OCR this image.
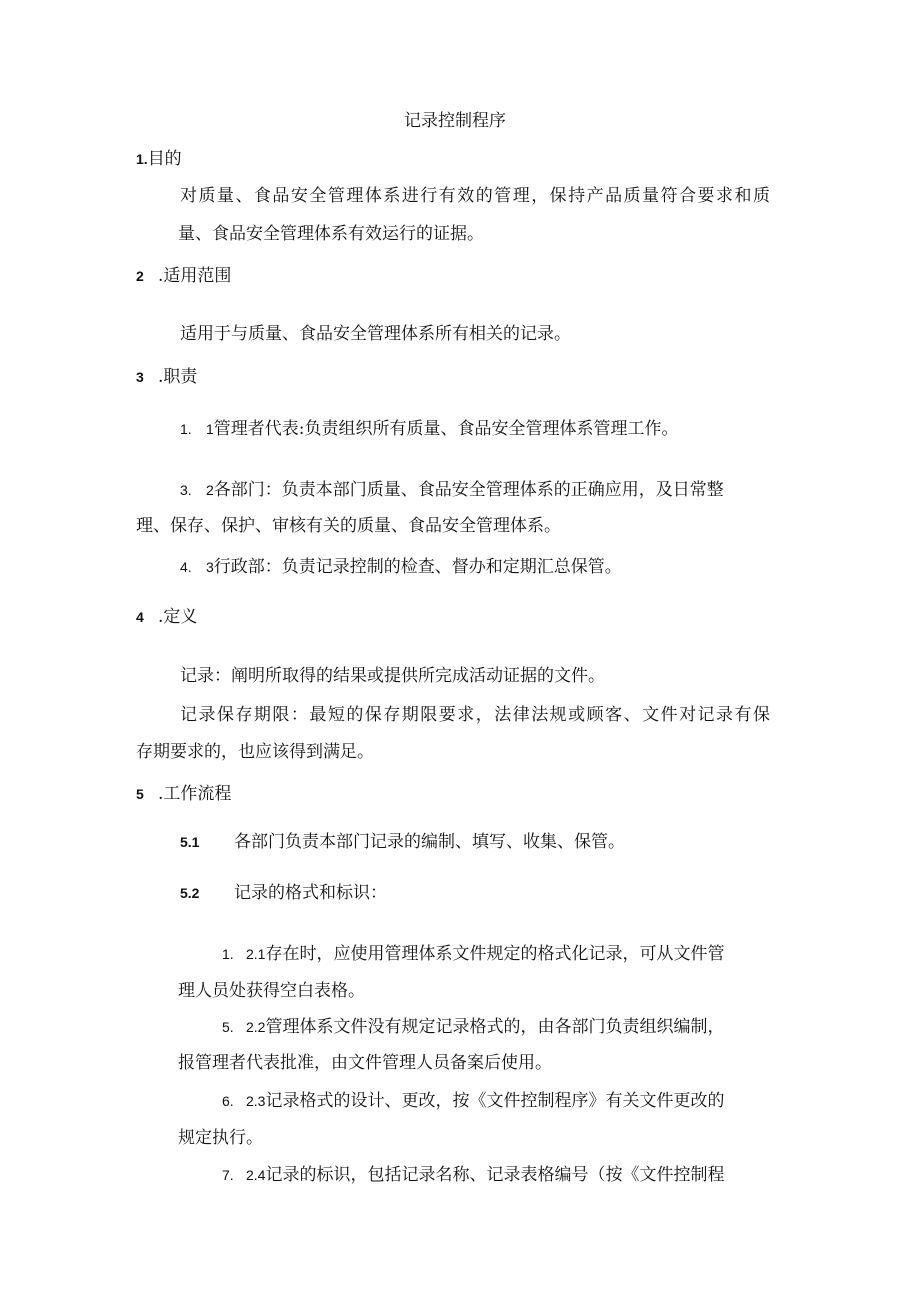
记录控制程序
1.目的
对质量、食品安全管理体系进行有效的管理，保持产品质量符合要求和质
量、食品安全管理体系有效运行的证据。
2 .适用范围
适用于与质量、食品安全管理体系所有相关的记录。
3 .职责
1. 1管理者代表:负责组织所有质量、食品安全管理体系管理工作。
3. 2各部门：负责本部门质量、食品安全管理体系的正确应用，及日常整
理、保存、保护、审核有关的质量、食品安全管理体系。
4. 3行政部：负责记录控制的检查、督办和定期汇总保管。
4 .定义
记录：阐明所取得的结果或提供所完成活动证据的文件。
记录保存期限：最短的保存期限要求，法律法规或顾客、文件对记录有保
存期要求的，也应该得到满足。
5 .工作流程
5.1 各部门负责本部门记录的编制、填写、收集、保管。
5.2 记录的格式和标识：
1. 2.1存在时，应使用管理体系文件规定的格式化记录，可从文件管
理人员处获得空白表格。
5. 2.2管理体系文件没有规定记录格式的，由各部门负责组织编制，
报管理者代表批准，由文件管理人员备案后使用。
6. 2.3记录格式的设计、更改，按《文件控制程序》有关文件更改的
规定执行。
7. 2.4记录的标识，包括记录名称、记录表格编号（按《文件控制程
